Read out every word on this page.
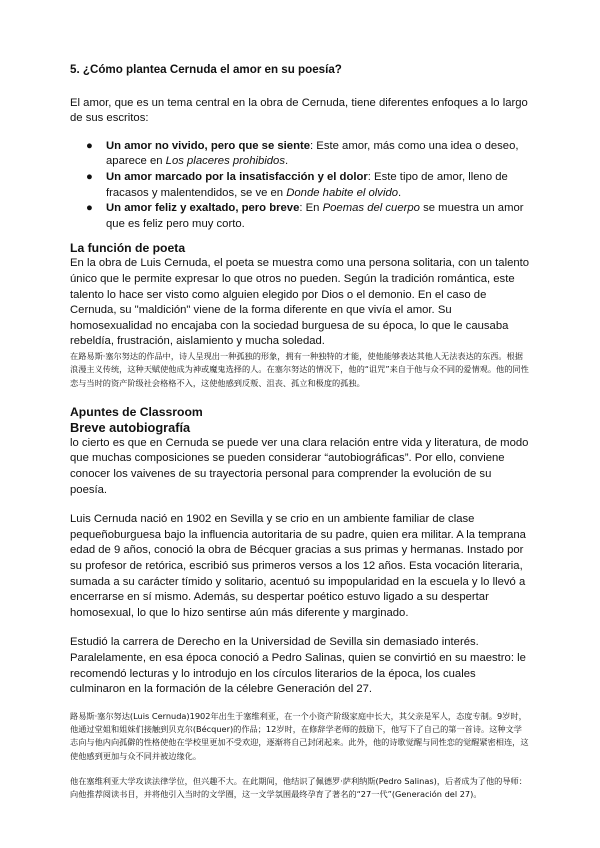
5. ¿Cómo plantea Cernuda el amor en su poesía?

El amor, que es un tema central en la obra de Cernuda, tiene diferentes enfoques a lo largo de sus escritos:

● Un amor no vivido, pero que se siente: Este amor, más como una idea o deseo, aparece en Los placeres prohibidos.
● Un amor marcado por la insatisfacción y el dolor: Este tipo de amor, lleno de fracasos y malentendidos, se ve en Donde habite el olvido.
● Un amor feliz y exaltado, pero breve: En Poemas del cuerpo se muestra un amor que es feliz pero muy corto.

La función de poeta

En la obra de Luis Cernuda, el poeta se muestra como una persona solitaria, con un talento único que le permite expresar lo que otros no pueden. Según la tradición romántica, este talento lo hace ser visto como alguien elegido por Dios o el demonio. En el caso de Cernuda, su "maldición" viene de la forma diferente en que vivía el amor. Su homosexualidad no encajaba con la sociedad burguesa de su época, lo que le causaba rebeldía, frustración, aislamiento y mucha soledad.

在路易斯·塞尔努达的作品中，诗人呈现出一种孤独的形象，拥有一种独特的才能，使他能够表达其他人无法表达的东西。根据浪漫主义传统，这种天赋使他成为神或魔鬼选择的人。在塞尔努达的情况下，他的“诅咒”来自于他与众不同的爱情观。他的同性恋与当时的资产阶级社会格格不入，这使他感到反叛、沮丧、孤立和极度的孤独。

Apuntes de Classroom

Breve autobiografía

lo cierto es que en Cernuda se puede ver una clara relación entre vida y literatura, de modo que muchas composiciones se pueden considerar “autobiográficas”. Por ello, conviene conocer los vaivenes de su trayectoria personal para comprender la evolución de su poesía.

Luis Cernuda nació en 1902 en Sevilla y se crio en un ambiente familiar de clase pequeñoburguesa bajo la influencia autoritaria de su padre, quien era militar. A la temprana edad de 9 años, conoció la obra de Bécquer gracias a sus primas y hermanas. Instado por su profesor de retórica, escribió sus primeros versos a los 12 años. Esta vocación literaria, sumada a su carácter tímido y solitario, acentuó su impopularidad en la escuela y lo llevó a encerrarse en sí mismo. Además, su despertar poético estuvo ligado a su despertar homosexual, lo que lo hizo sentirse aún más diferente y marginado.

Estudió la carrera de Derecho en la Universidad de Sevilla sin demasiado interés. Paralelamente, en esa época conoció a Pedro Salinas, quien se convirtió en su maestro: le recomendó lecturas y lo introdujo en los círculos literarios de la época, los cuales culminaron en la formación de la célebre Generación del 27.

路易斯·塞尔努达(Luis Cernuda)1902年出生于塞维利亚，在一个小资产阶级家庭中长大，其父亲是军人，态度专制。9岁时，他通过堂姐和姐妹们接触到贝克尔(Bécquer)的作品；12岁时，在修辞学老师的鼓励下，他写下了自己的第一首诗。这种文学志向与他内向孤僻的性格使他在学校里更加不受欢迎，逐渐将自己封闭起来。此外，他的诗歌觉醒与同性恋的觉醒紧密相连，这使他感到更加与众不同并被边缘化。

他在塞维利亚大学攻读法律学位，但兴趣不大。在此期间，他结识了佩德罗·萨利纳斯(Pedro Salinas)，后者成为了他的导师：向他推荐阅读书目，并将他引入当时的文学圈，这一文学氛围最终孕育了著名的“27一代”(Generación del 27)。
